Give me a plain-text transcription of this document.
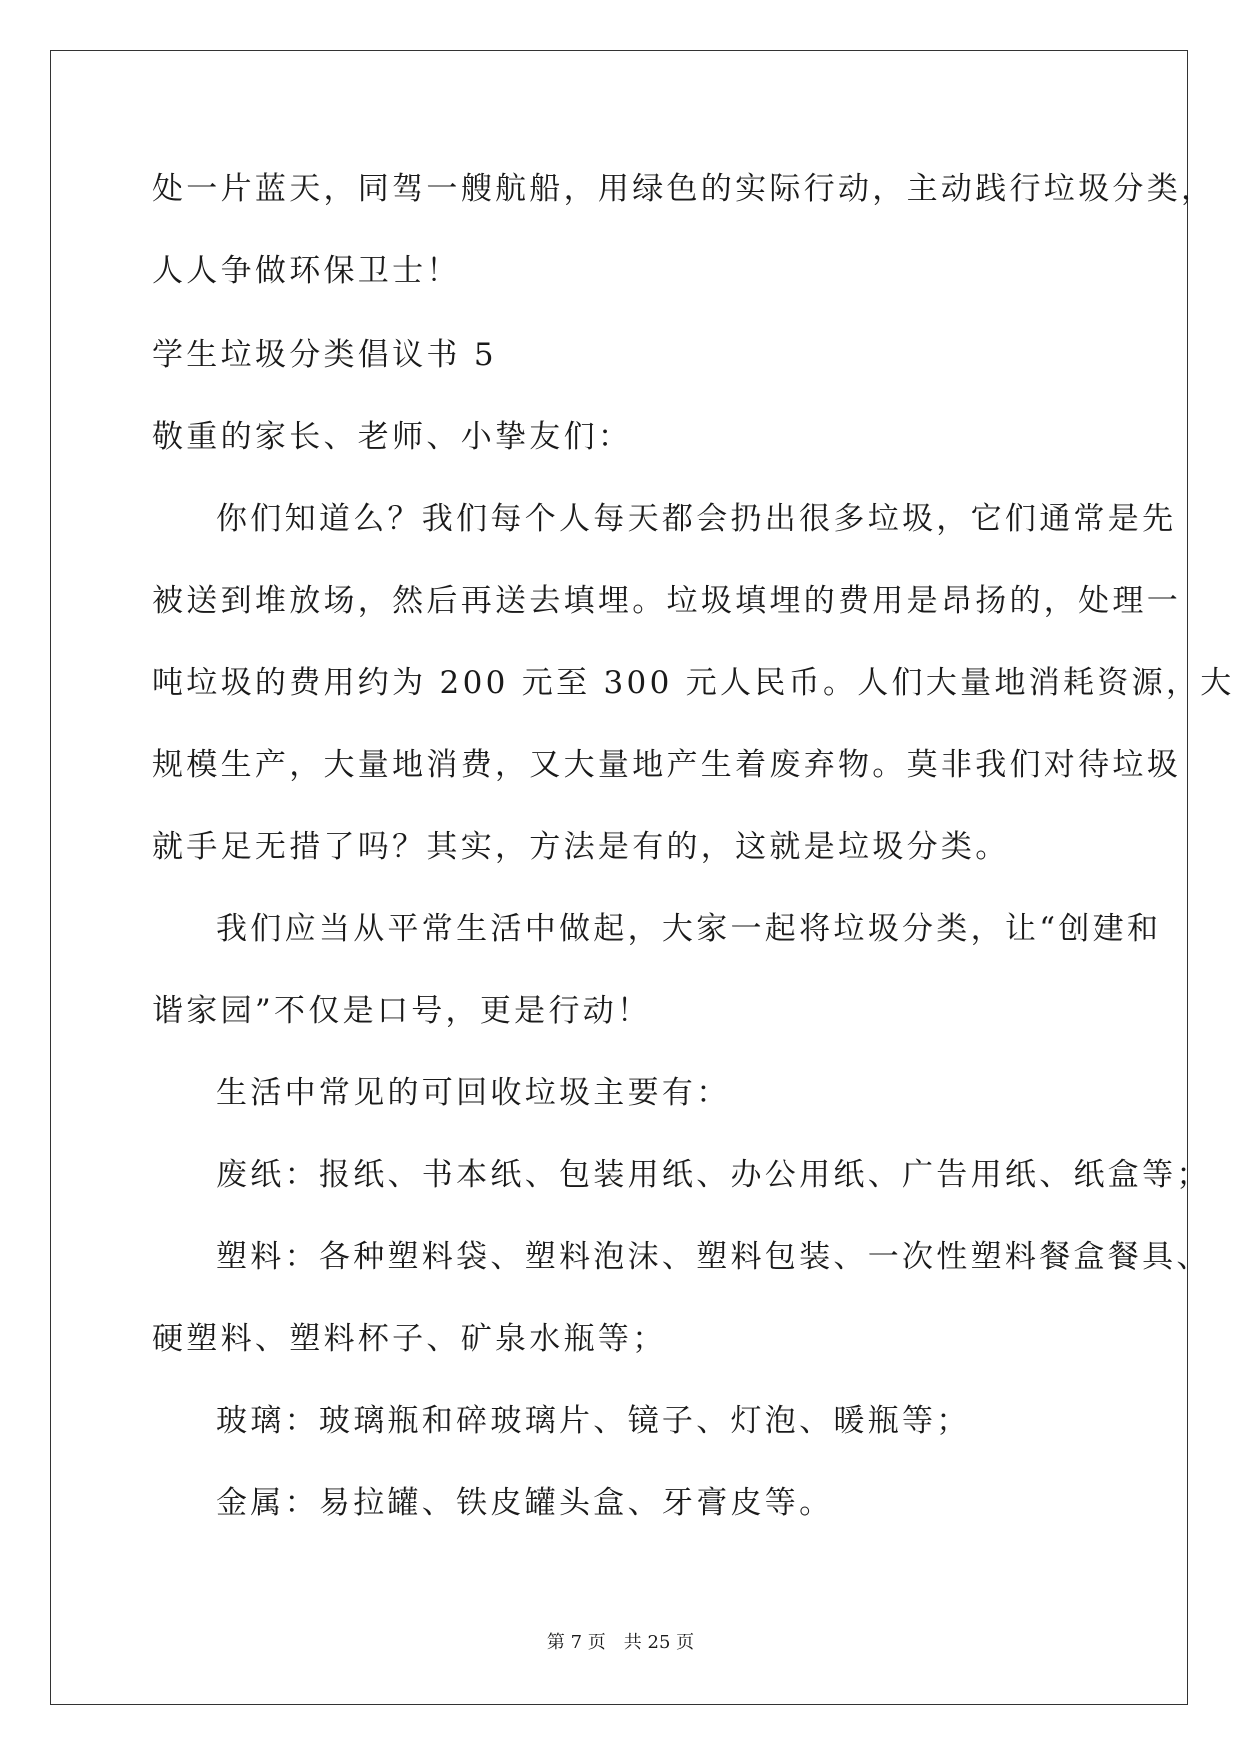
处一片蓝天，同驾一艘航船，用绿色的实际行动，主动践行垃圾分类，
人人争做环保卫士！
学生垃圾分类倡议书 5
敬重的家长、老师、小挚友们：
你们知道么？我们每个人每天都会扔出很多垃圾，它们通常是先
被送到堆放场，然后再送去填埋。垃圾填埋的费用是昂扬的，处理一
吨垃圾的费用约为 200 元至 300 元人民币。人们大量地消耗资源，大
规模生产，大量地消费，又大量地产生着废弃物。莫非我们对待垃圾
就手足无措了吗？其实，方法是有的，这就是垃圾分类。
我们应当从平常生活中做起，大家一起将垃圾分类，让“创建和
谐家园”不仅是口号，更是行动！
生活中常见的可回收垃圾主要有：
废纸：报纸、书本纸、包装用纸、办公用纸、广告用纸、纸盒等；
塑料：各种塑料袋、塑料泡沫、塑料包装、一次性塑料餐盒餐具、
硬塑料、塑料杯子、矿泉水瓶等；
玻璃：玻璃瓶和碎玻璃片、镜子、灯泡、暖瓶等；
金属：易拉罐、铁皮罐头盒、牙膏皮等。
第 7 页　共 25 页
